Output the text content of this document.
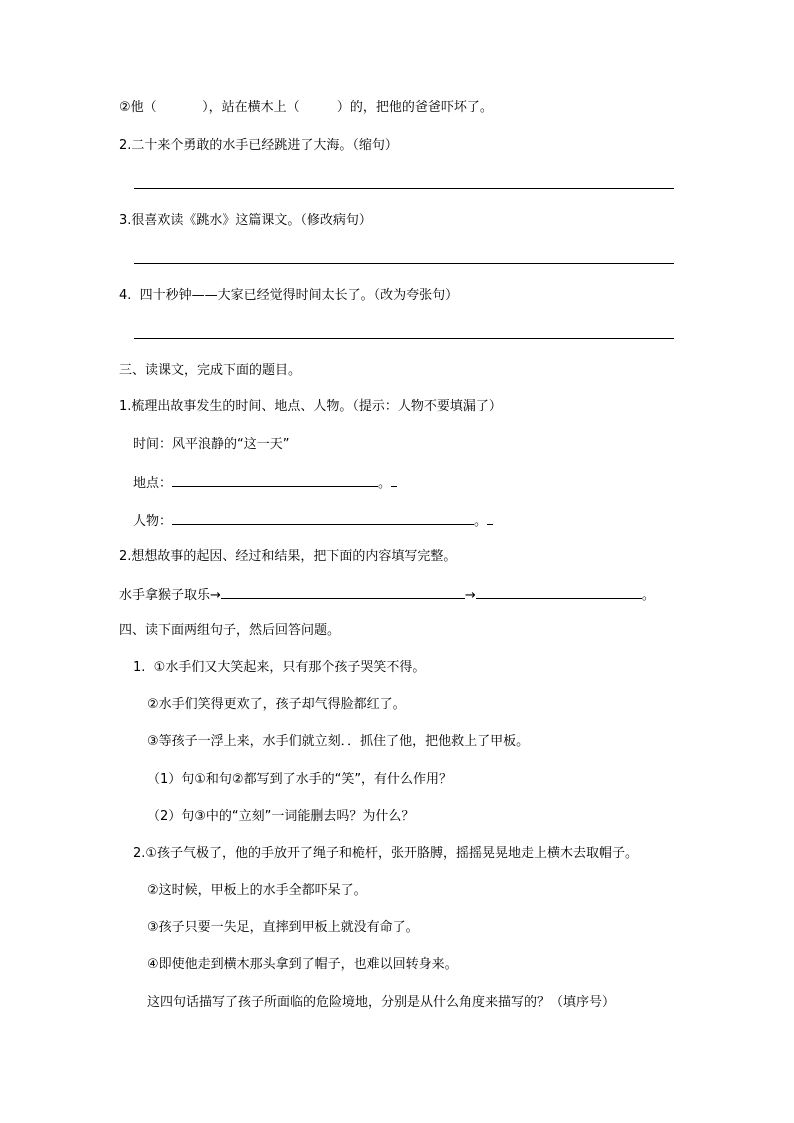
②他（	），站在横木上（	）的，把他的爸爸吓坏了。
2.二十来个勇敢的水手已经跳进了大海。（缩句）
3.很喜欢读《跳水》这篇课文。（修改病句）
4.  四十秒钟——大家已经觉得时间太长了。（改为夸张句）
三、读课文，完成下面的题目。
1.梳理出故事发生的时间、地点、人物。（提示：人物不要填漏了）
时间：风平浪静的“这一天”
地点：	。
人物：	。
2.想想故事的起因、经过和结果，把下面的内容填写完整。
水手拿猴子取乐→	→	。
四、读下面两组句子，然后回答问题。
1.  ①水手们又大笑起来，只有那个孩子哭笑不得。
②水手们笑得更欢了，孩子却气得脸都红了。
③等孩子一浮上来，水手们就立刻．．抓住了他，把他救上了甲板。
（1）句①和句②都写到了水手的“笑”，有什么作用？
（2）句③中的“立刻”一词能删去吗？为什么？
2.①孩子气极了，他的手放开了绳子和桅杆，张开胳膊，摇摇晃晃地走上横木去取帽子。
②这时候，甲板上的水手全都吓呆了。
③孩子只要一失足，直摔到甲板上就没有命了。
④即使他走到横木那头拿到了帽子，也难以回转身来。
这四句话描写了孩子所面临的危险境地，分别是从什么角度来描写的？（填序号）
